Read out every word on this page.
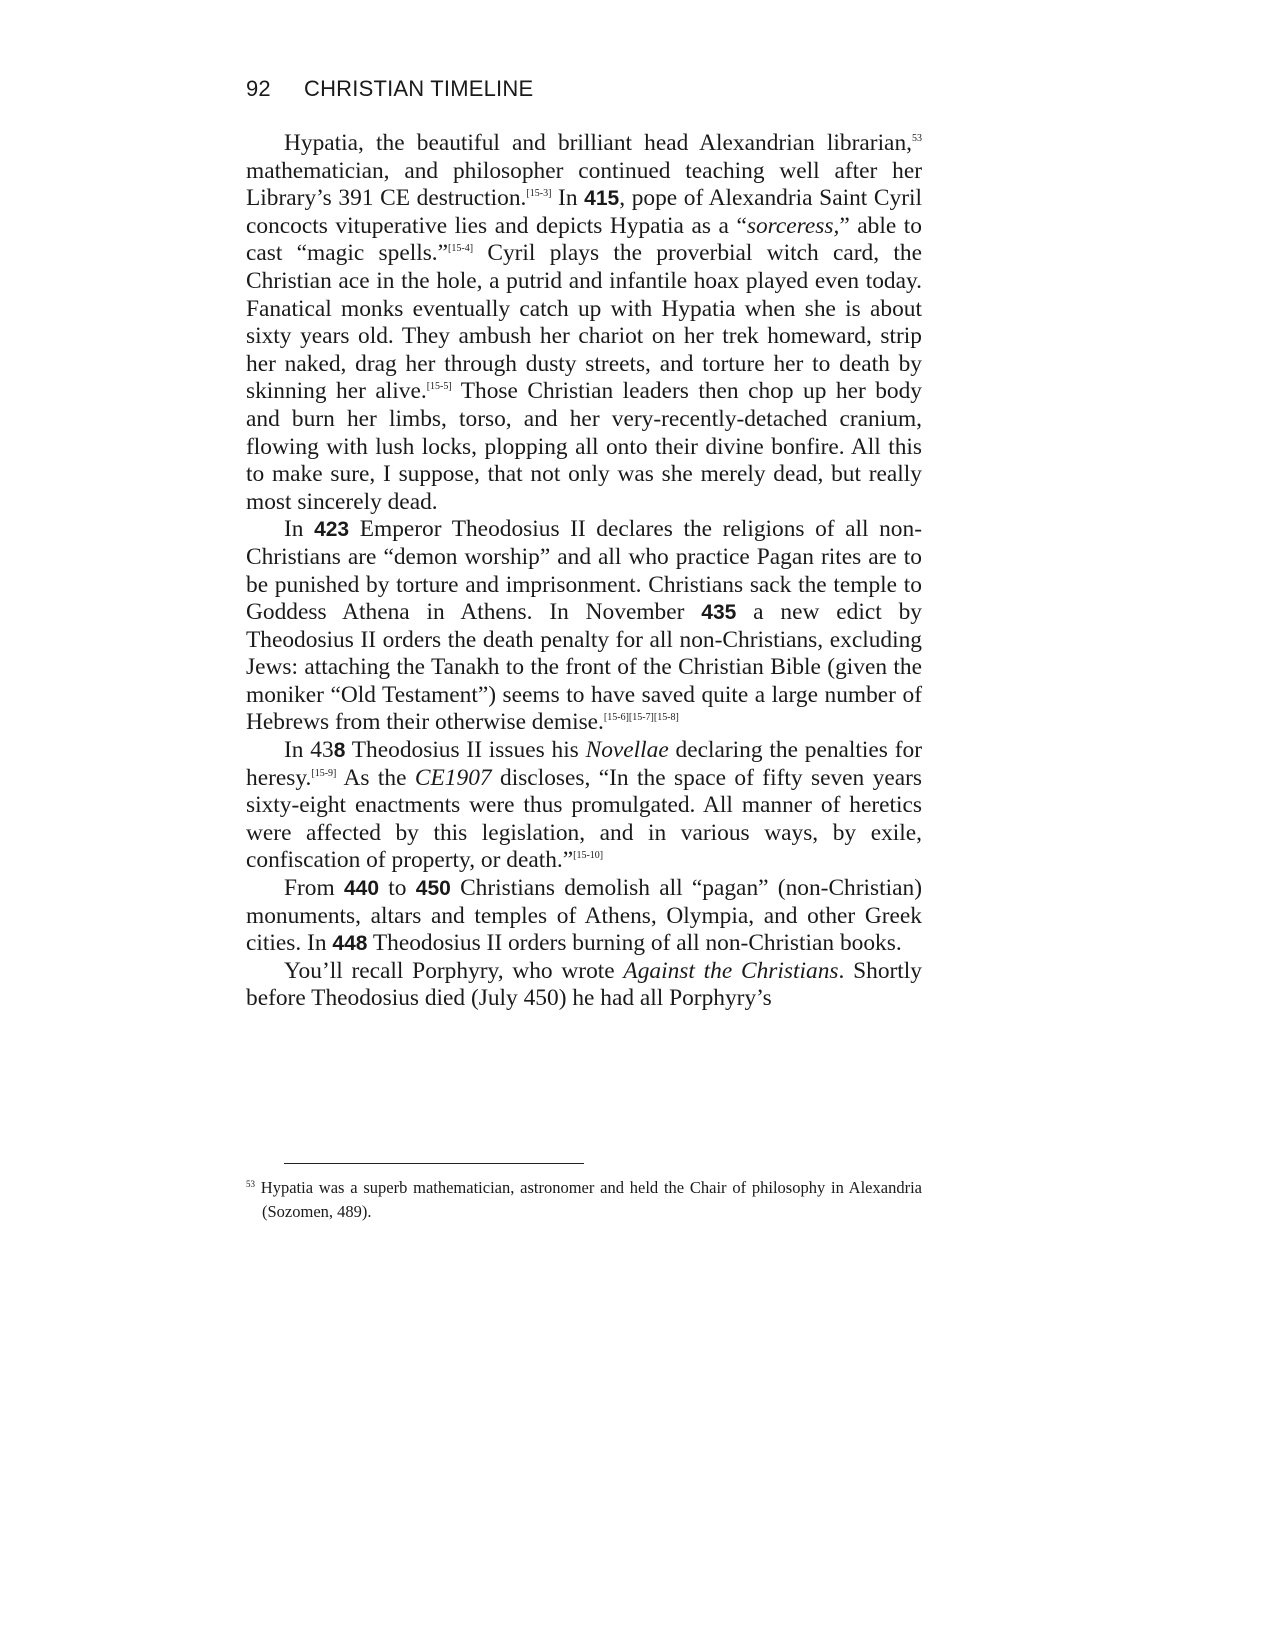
92 CHRISTIAN TIMELINE

Hypatia, the beautiful and brilliant head Alexandrian librarian,$^{53}$ mathematician, and philosopher continued teaching well after her Library’s 391 CE destruction.[15-3] In 415, pope of Alexandria Saint Cyril concocts vituperative lies and depicts Hypatia as a “sorceress,” able to cast “magic spells.”[15-4] Cyril plays the proverbial witch card, the Christian ace in the hole, a putrid and infantile hoax played even today. Fanatical monks eventually catch up with Hypatia when she is about sixty years old. They ambush her chariot on her trek homeward, strip her naked, drag her through dusty streets, and torture her to death by skinning her alive.[15-5] Those Christian leaders then chop up her body and burn her limbs, torso, and her very-recently-detached cranium, flowing with lush locks, plopping all onto their divine bonfire. All this to make sure, I suppose, that not only was she merely dead, but really most sincerely dead.

In 423 Emperor Theodosius II declares the religions of all non-Christians are “demon worship” and all who practice Pagan rites are to be punished by torture and imprisonment. Christians sack the temple to Goddess Athena in Athens. In November 435 a new edict by Theodosius II orders the death penalty for all non-Christians, excluding Jews: attaching the Tanakh to the front of the Christian Bible (given the moniker “Old Testament”) seems to have saved quite a large number of Hebrews from their otherwise demise.[15-6][15-7][15-8]

In 438 Theodosius II issues his Novellae declaring the penalties for heresy.[15-9] As the CE1907 discloses, “In the space of fifty seven years sixty-eight enactments were thus promulgated. All manner of heretics were affected by this legislation, and in various ways, by exile, confiscation of property, or death.”[15-10]

From 440 to 450 Christians demolish all “pagan” (non-Christian) monuments, altars and temples of Athens, Olympia, and other Greek cities. In 448 Theodosius II orders burning of all non-Christian books.

You’ll recall Porphyry, who wrote Against the Christians. Shortly before Theodosius died (July 450) he had all Porphyry’s

$^{53}$ Hypatia was a superb mathematician, astronomer and held the Chair of philosophy in Alexandria (Sozomen, 489).
